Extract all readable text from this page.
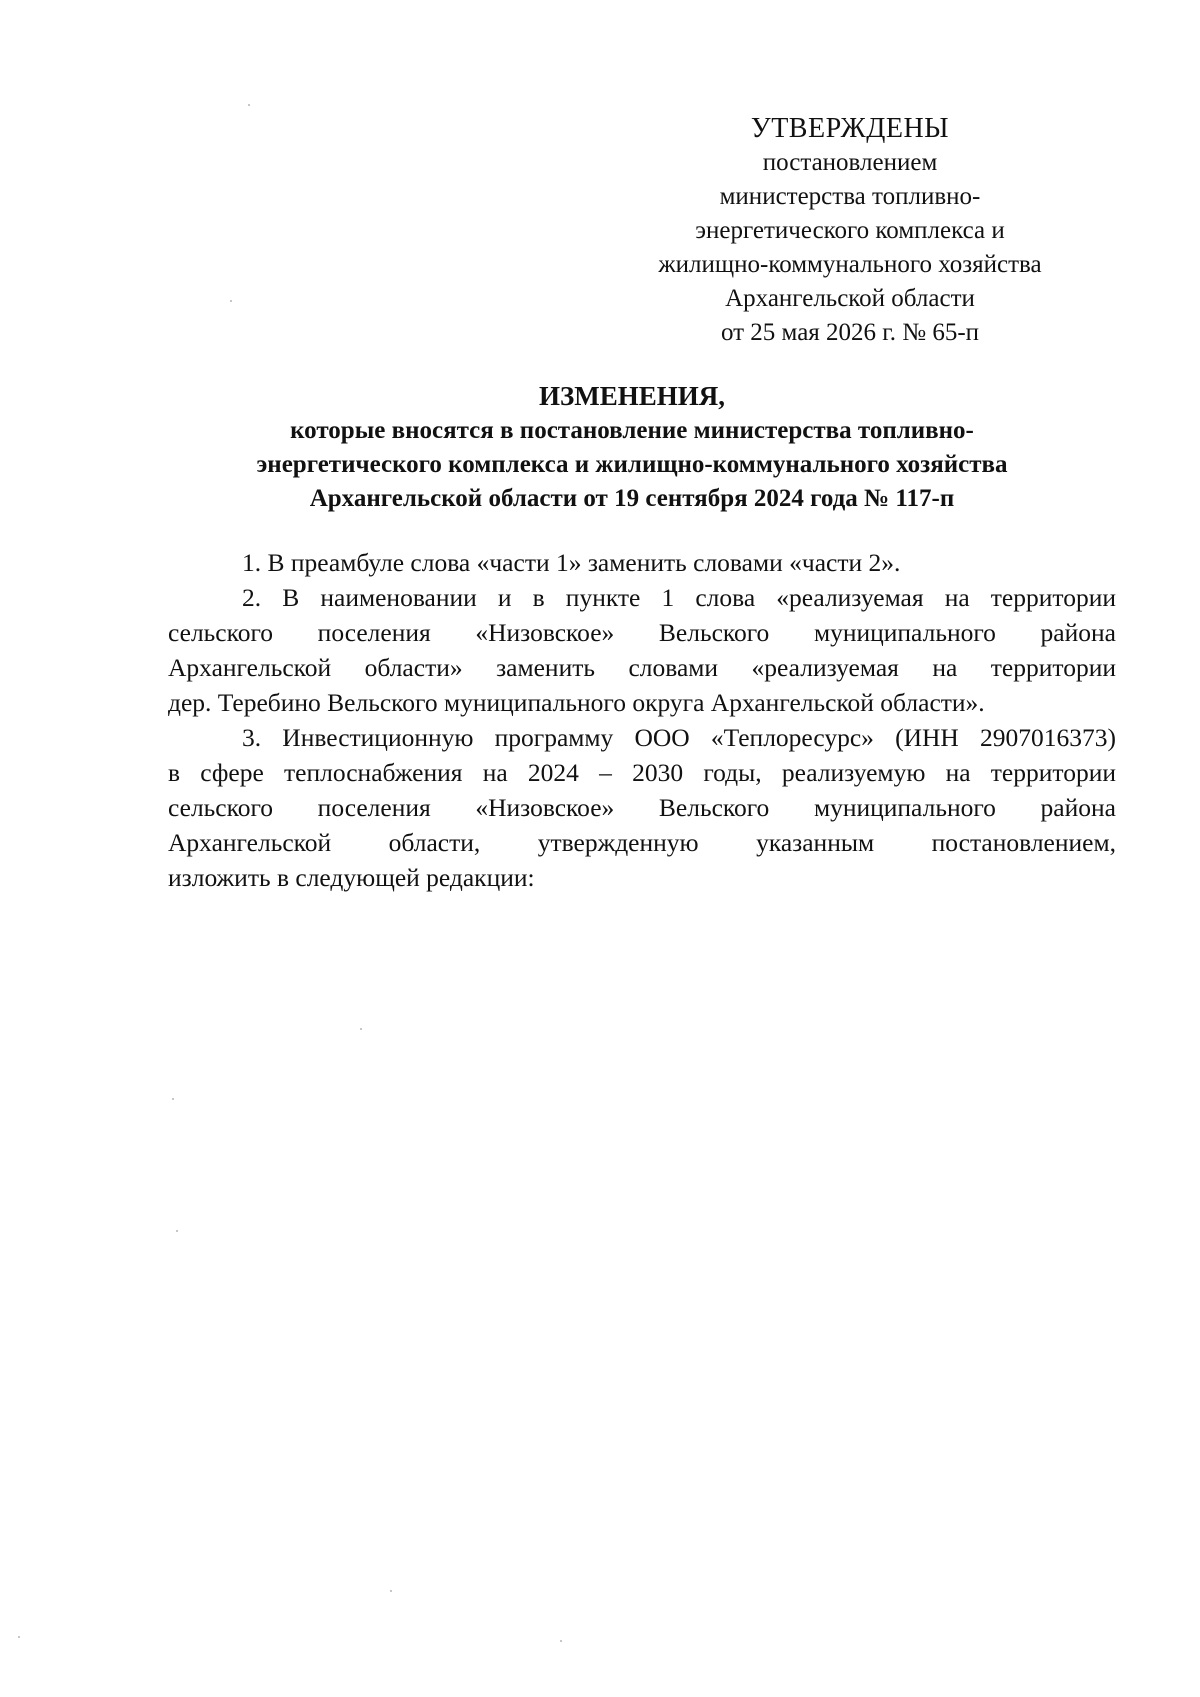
УТВЕРЖДЕНЫ
постановлением
министерства топливно-
энергетического комплекса и
жилищно-коммунального хозяйства
Архангельской области
от 25 мая 2026 г. № 65-п
ИЗМЕНЕНИЯ,
которые вносятся в постановление министерства топливно-
энергетического комплекса и жилищно-коммунального хозяйства
Архангельской области от 19 сентября 2024 года № 117-п
1. В преамбуле слова «части 1» заменить словами «части 2».
2. В наименовании и в пункте 1 слова «реализуемая на территории
сельского поселения «Низовское» Вельского муниципального района
Архангельской области» заменить словами «реализуемая на территории
дер. Теребино Вельского муниципального округа Архангельской области».
3. Инвестиционную программу ООО «Теплоресурс» (ИНН 2907016373)
в сфере теплоснабжения на 2024 – 2030 годы, реализуемую на территории
сельского поселения «Низовское» Вельского муниципального района
Архангельской области, утвержденную указанным постановлением,
изложить в следующей редакции:
